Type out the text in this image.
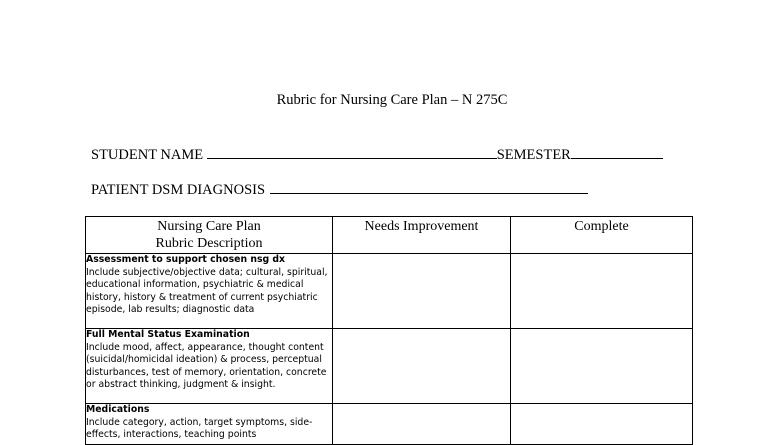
Rubric for Nursing Care Plan – N 275C
STUDENT NAME	SEMESTER
PATIENT DSM DIAGNOSIS
Nursing Care Plan
Rubric Description	Needs Improvement	Complete

Assessment to support chosen nsg dx
Include subjective/objective data; cultural, spiritual, educational information, psychiatric & medical history, history & treatment of current psychiatric episode, lab results; diagnostic data		

Full Mental Status Examination
Include mood, affect, appearance, thought content (suicidal/homicidal ideation) & process, perceptual disturbances, test of memory, orientation, concrete or abstract thinking, judgment & insight.		

Medications
Include category, action, target symptoms, side-effects, interactions, teaching points		
